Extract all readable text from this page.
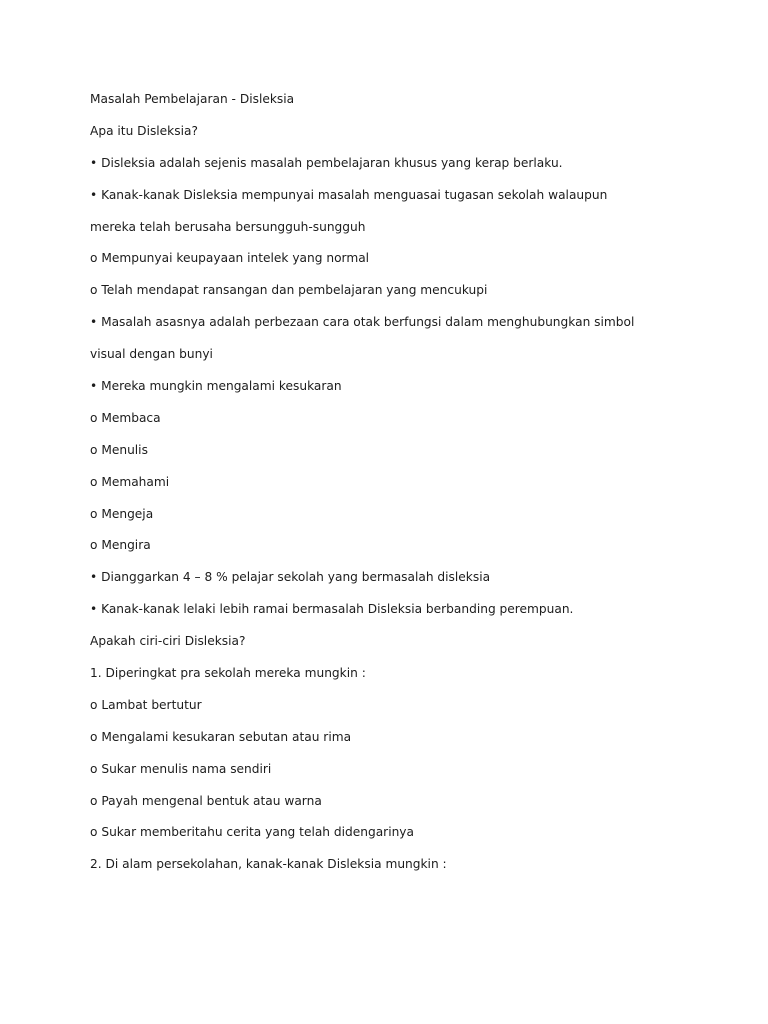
Masalah Pembelajaran - Disleksia
Apa itu Disleksia?
• Disleksia adalah sejenis masalah pembelajaran khusus yang kerap berlaku.
• Kanak-kanak Disleksia mempunyai masalah menguasai tugasan sekolah walaupun
mereka telah berusaha bersungguh-sungguh
o Mempunyai keupayaan intelek yang normal
o Telah mendapat ransangan dan pembelajaran yang mencukupi
• Masalah asasnya adalah perbezaan cara otak berfungsi dalam menghubungkan simbol
visual dengan bunyi
• Mereka mungkin mengalami kesukaran
o Membaca
o Menulis
o Memahami
o Mengeja
o Mengira
• Dianggarkan 4 – 8 % pelajar sekolah yang bermasalah disleksia
• Kanak-kanak lelaki lebih ramai bermasalah Disleksia berbanding perempuan.
Apakah ciri-ciri Disleksia?
1. Diperingkat pra sekolah mereka mungkin :
o Lambat bertutur
o Mengalami kesukaran sebutan atau rima
o Sukar menulis nama sendiri
o Payah mengenal bentuk atau warna
o Sukar memberitahu cerita yang telah didengarinya
2. Di alam persekolahan, kanak-kanak Disleksia mungkin :
